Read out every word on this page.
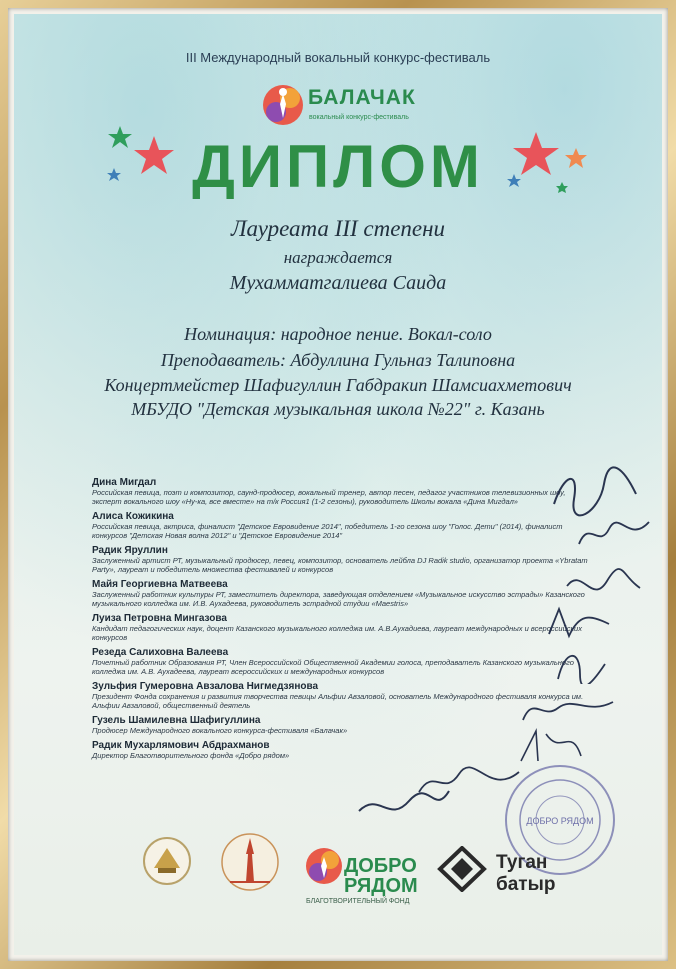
III Международный вокальный конкурс-фестиваль
БАЛАЧАК
вокальный конкурс-фестиваль
ДИПЛОМ
Лауреата III степени
награждается
Мухамматгалиева Саида
Номинация: народное пение. Вокал-соло
Преподаватель: Абдуллина Гульназ Талиповна
Концертмейстер Шафигуллин Габдракип Шамсиахметович
МБУДО "Детская музыкальная школа №22" г. Казань
Дина Мигдал
Российская певица, поэт и композитор, саунд-продюсер, вокальный тренер, автор песен, педагог участников телевизионных шоу, эксперт вокального шоу «Ну-ка, все вместе» на т/к Россия1 (1-2 сезоны), руководитель Школы вокала «Дина Мигдал»
Алиса Кожикина
Российская певица, актриса, финалист "Детское Евровидение 2014", победитель 1-го сезона шоу "Голос. Дети" (2014), финалист конкурсов "Детская Новая волна 2012" и "Детское Евровидение 2014"
Радик Яруллин
Заслуженный артист РТ, музыкальный продюсер, певец, композитор, основатель лейбла DJ Radik studio, организатор проекта «Ybratam Party», лауреат и победитель множества фестивалей и конкурсов
Майя Георгиевна Матвеева
Заслуженный работник культуры РТ, заместитель директора, заведующая отделением «Музыкальное искусство эстрады» Казанского музыкального колледжа им. И.В. Аухадеева, руководитель эстрадной студии «Maestris»
Луиза Петровна Мингазова
Кандидат педагогических наук, доцент Казанского музыкального колледжа им. А.В.Аухадиева, лауреат международных и всероссийских конкурсов
Резеда Салиховна Валеева
Почетный работник Образования РТ, Член Всероссийской Общественной Академии голоса, преподаватель Казанского музыкального колледжа им. А.В. Аухадеева, лауреат всероссийских и международных конкурсов
Зульфия Гумеровна Авзалова Нигмедзянова
Президент Фонда сохранения и развития творчества певицы Альфии Авзаловой, основатель Международного фестиваля конкурса им. Альфии Авзаловой, общественный деятель
Гузель Шамилевна Шафигуллина
Продюсер Международного вокального конкурса-фестиваля «Балачак»
Радик Мухарлямович Абдрахманов
Директор Благотворительного фонда «Добро рядом»
ДОБРО РЯДОМ
ДОБРО
РЯДОМ
БЛАГОТВОРИТЕЛЬНЫЙ ФОНД
Туган
батыр
